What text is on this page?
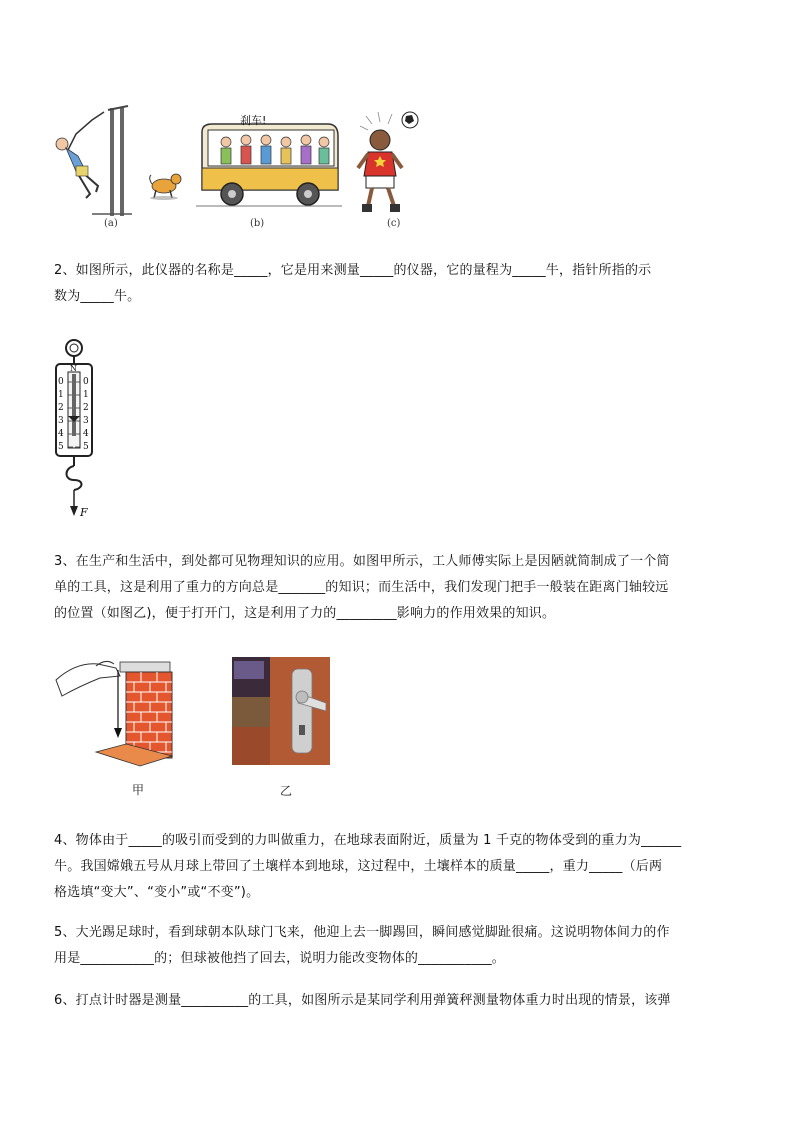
刹车!
(a)	(b)	(c)
2、如图所示，此仪器的名称是_____，它是用来测量_____的仪器，它的量程为_____牛，指针所指的示
数为_____牛。
N
0
1
2
3
4
5
0
1
2
3
4
5
F
3、在生产和生活中，到处都可见物理知识的应用。如图甲所示，工人师傅实际上是因陋就简制成了一个简
单的工具，这是利用了重力的方向总是_______的知识；而生活中，我们发现门把手一般装在距离门轴较远
的位置（如图乙)，便于打开门，这是利用了力的_________影响力的作用效果的知识。
甲	乙
4、物体由于_____的吸引而受到的力叫做重力，在地球表面附近，质量为 1 千克的物体受到的重力为______
牛。我国嫦娥五号从月球上带回了土壤样本到地球，这过程中，土壤样本的质量_____，重力_____（后两
格选填“变大”、“变小”或“不变”)。
5、大光踢足球时，看到球朝本队球门飞来，他迎上去一脚踢回，瞬间感觉脚趾很痛。这说明物体间力的作
用是___________的；但球被他挡了回去，说明力能改变物体的___________。
6、打点计时器是测量__________的工具，如图所示是某同学利用弹簧秤测量物体重力时出现的情景，该弹
